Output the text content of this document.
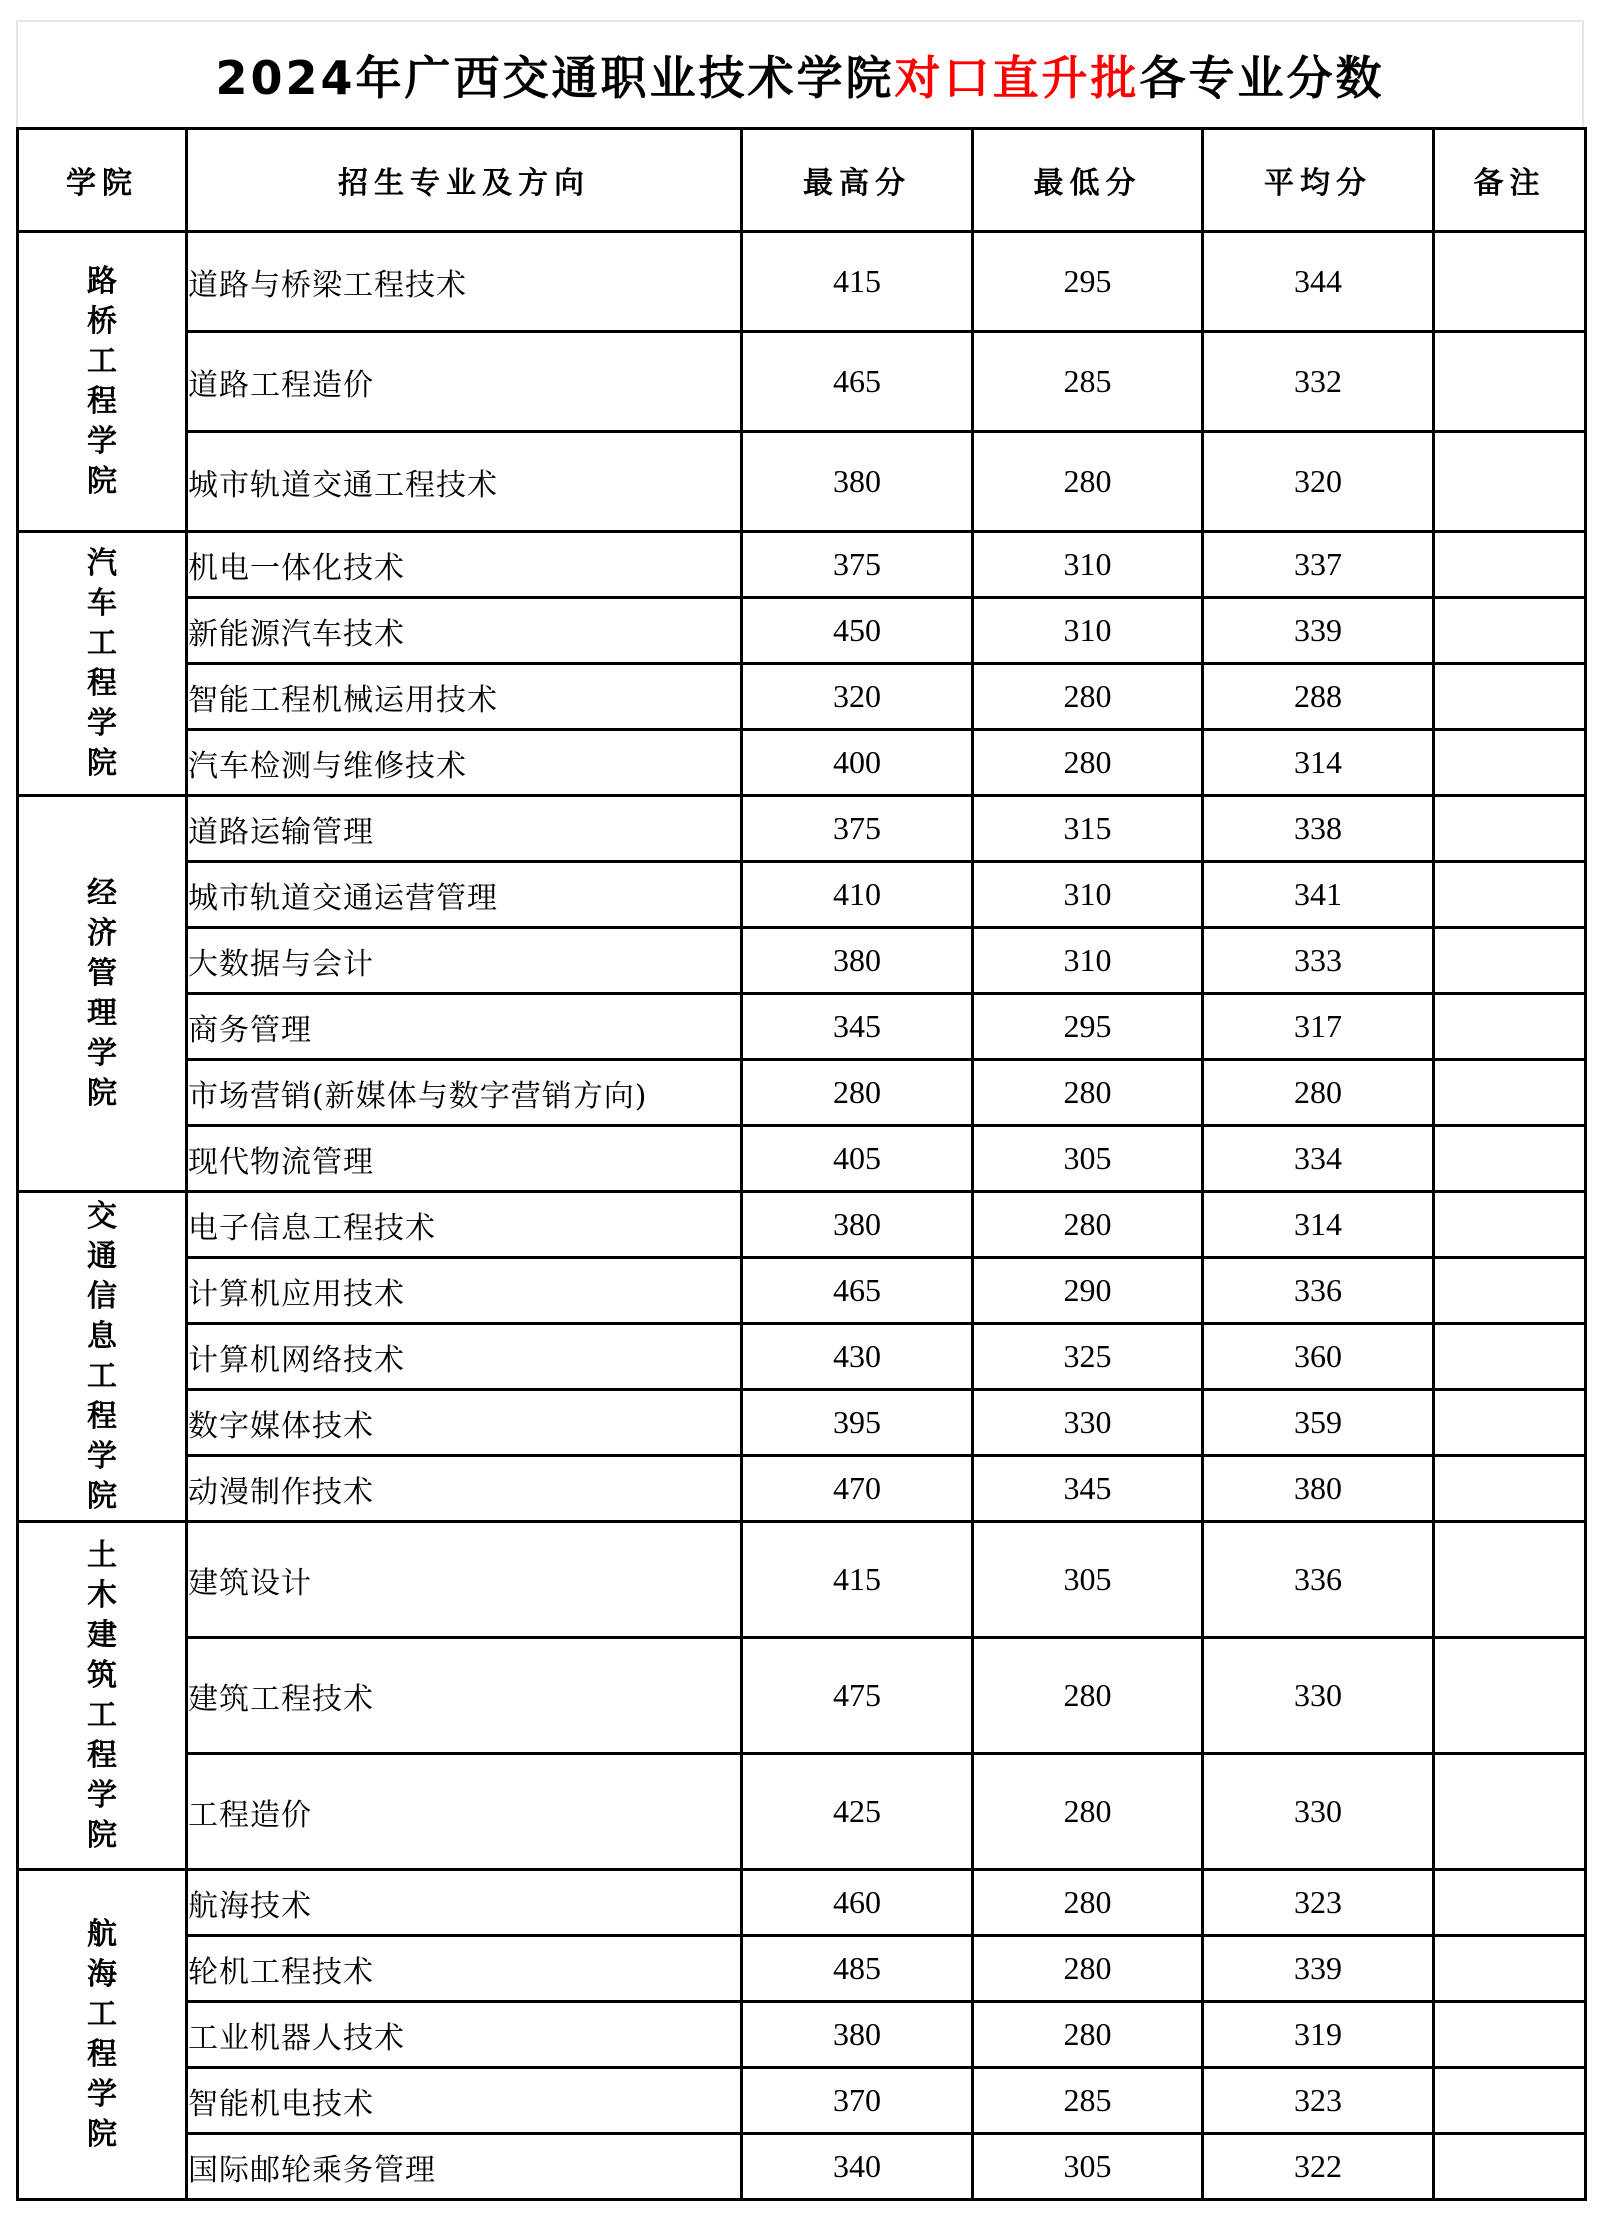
2024年广西交通职业技术学院 对口直升批 各专业分数
学院	招生专业及方向	最高分	最低分	平均分	备注
路桥工程学院	道路与桥梁工程技术	415	295	344	
	道路工程造价	465	285	332	
	城市轨道交通工程技术	380	280	320	
汽车工程学院	机电一体化技术	375	310	337	
	新能源汽车技术	450	310	339	
	智能工程机械运用技术	320	280	288	
	汽车检测与维修技术	400	280	314	
经济管理学院	道路运输管理	375	315	338	
	城市轨道交通运营管理	410	310	341	
	大数据与会计	380	310	333	
	商务管理	345	295	317	
	市场营销(新媒体与数字营销方向)	280	280	280	
	现代物流管理	405	305	334	
交通信息工程学院	电子信息工程技术	380	280	314	
	计算机应用技术	465	290	336	
	计算机网络技术	430	325	360	
	数字媒体技术	395	330	359	
	动漫制作技术	470	345	380	
土木建筑工程学院	建筑设计	415	305	336	
	建筑工程技术	475	280	330	
	工程造价	425	280	330	
航海工程学院	航海技术	460	280	323	
	轮机工程技术	485	280	339	
	工业机器人技术	380	280	319	
	智能机电技术	370	285	323	
	国际邮轮乘务管理	340	305	322	
